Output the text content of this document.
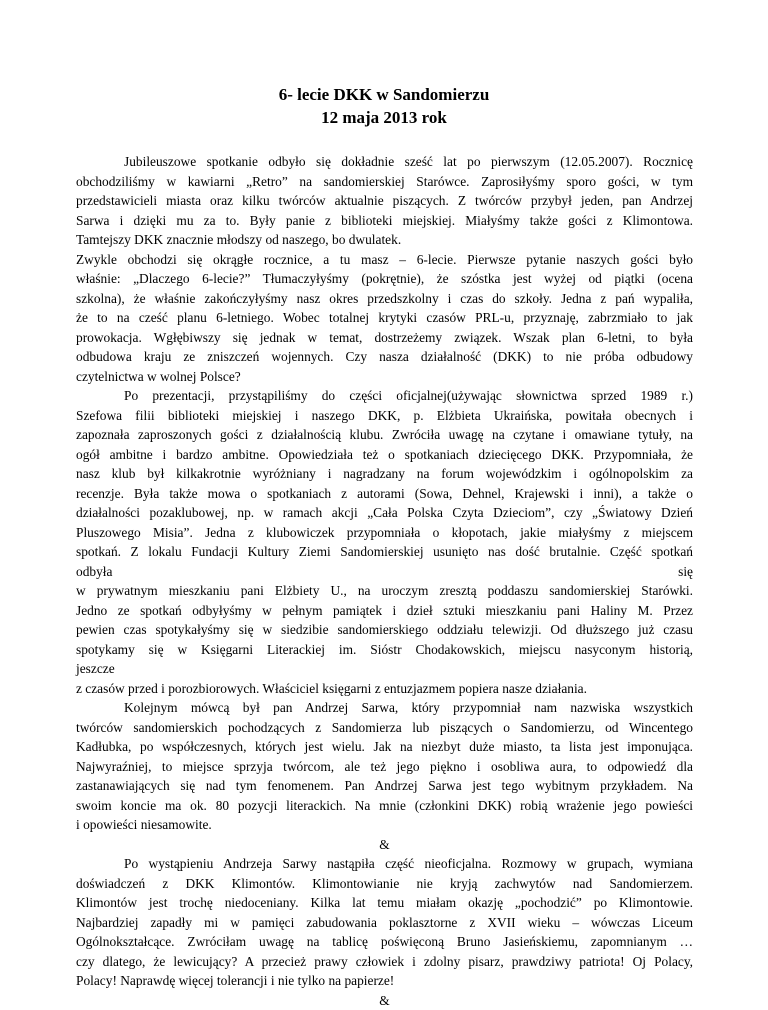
6- lecie DKK w Sandomierzu
12 maja 2013 rok
Jubileuszowe spotkanie odbyło się dokładnie sześć lat po pierwszym (12.05.2007). Rocznicę
obchodziliśmy w kawiarni „Retro” na sandomierskiej Starówce. Zaprosiłyśmy sporo gości, w tym
przedstawicieli miasta oraz kilku twórców aktualnie piszących. Z twórców przybył jeden, pan Andrzej
Sarwa i dzięki mu za to. Były panie z biblioteki miejskiej. Miałyśmy także gości z Klimontowa.
Tamtejszy DKK znacznie młodszy od naszego, bo dwulatek.
Zwykle obchodzi się okrągłe rocznice, a tu masz – 6-lecie. Pierwsze pytanie naszych gości było
właśnie: „Dlaczego 6-lecie?” Tłumaczyłyśmy (pokrętnie), że szóstka jest wyżej od piątki (ocena
szkolna), że właśnie zakończyłyśmy nasz okres przedszkolny i czas do szkoły. Jedna z pań wypaliła,
że to na cześć planu 6-letniego. Wobec totalnej krytyki czasów PRL-u, przyznaję, zabrzmiało to jak
prowokacja. Wgłębiwszy się jednak w temat, dostrzeżemy związek. Wszak plan 6-letni, to była
odbudowa kraju ze zniszczeń wojennych. Czy nasza działalność (DKK) to nie próba odbudowy
czytelnictwa w wolnej Polsce?
Po prezentacji, przystąpiliśmy do części oficjalnej(używając słownictwa sprzed 1989 r.)
Szefowa filii biblioteki miejskiej i naszego DKK, p. Elżbieta Ukraińska, powitała obecnych i
zapoznała zaproszonych gości z działalnością klubu. Zwróciła uwagę na czytane i omawiane tytuły, na
ogół ambitne i bardzo ambitne. Opowiedziała też o spotkaniach dziecięcego DKK. Przypomniała, że
nasz klub był kilkakrotnie wyróżniany i nagradzany na forum wojewódzkim i ogólnopolskim za
recenzje. Była także mowa o spotkaniach z autorami (Sowa, Dehnel, Krajewski i inni), a także o
działalności pozaklubowej, np. w ramach akcji „Cała Polska Czyta Dzieciom”, czy „Światowy Dzień
Pluszowego Misia”. Jedna z klubowiczek przypomniała o kłopotach, jakie miałyśmy z miejscem
spotkań. Z lokalu Fundacji Kultury Ziemi Sandomierskiej usunięto nas dość brutalnie. Część spotkań
odbyła się
w prywatnym mieszkaniu pani Elżbiety U., na uroczym zresztą poddaszu sandomierskiej Starówki.
Jedno ze spotkań odbyłyśmy w pełnym pamiątek i dzieł sztuki mieszkaniu pani Haliny M. Przez
pewien czas spotykałyśmy się w siedzibie sandomierskiego oddziału telewizji. Od dłuższego już czasu
spotykamy się w Księgarni Literackiej im. Sióstr Chodakowskich, miejscu nasyconym historią,
jeszcze
z czasów przed i porozbiorowych. Właściciel księgarni z entuzjazmem popiera nasze działania.
Kolejnym mówcą był pan Andrzej Sarwa, który przypomniał nam nazwiska wszystkich
twórców sandomierskich pochodzących z Sandomierza lub piszących o Sandomierzu, od Wincentego
Kadłubka, po współczesnych, których jest wielu. Jak na niezbyt duże miasto, ta lista jest imponująca.
Najwyraźniej, to miejsce sprzyja twórcom, ale też jego piękno i osobliwa aura, to odpowiedź dla
zastanawiających się nad tym fenomenem. Pan Andrzej Sarwa jest tego wybitnym przykładem. Na
swoim koncie ma ok. 80 pozycji literackich. Na mnie (członkini DKK) robią wrażenie jego powieści
i opowieści niesamowite.
&
Po wystąpieniu Andrzeja Sarwy nastąpiła część nieoficjalna. Rozmowy w grupach, wymiana
doświadczeń z DKK Klimontów. Klimontowianie nie kryją zachwytów nad Sandomierzem.
Klimontów jest trochę niedoceniany. Kilka lat temu miałam okazję „pochodzić” po Klimontowie.
Najbardziej zapadły mi w pamięci zabudowania poklasztorne z XVII wieku – wówczas Liceum
Ogólnokształcące. Zwróciłam uwagę na tablicę poświęconą Bruno Jasieńskiemu, zapomnianym …
czy dlatego, że lewicujący? A przecież prawy człowiek i zdolny pisarz, prawdziwy patriota! Oj Polacy,
Polacy! Naprawdę więcej tolerancji i nie tylko na papierze!
&
